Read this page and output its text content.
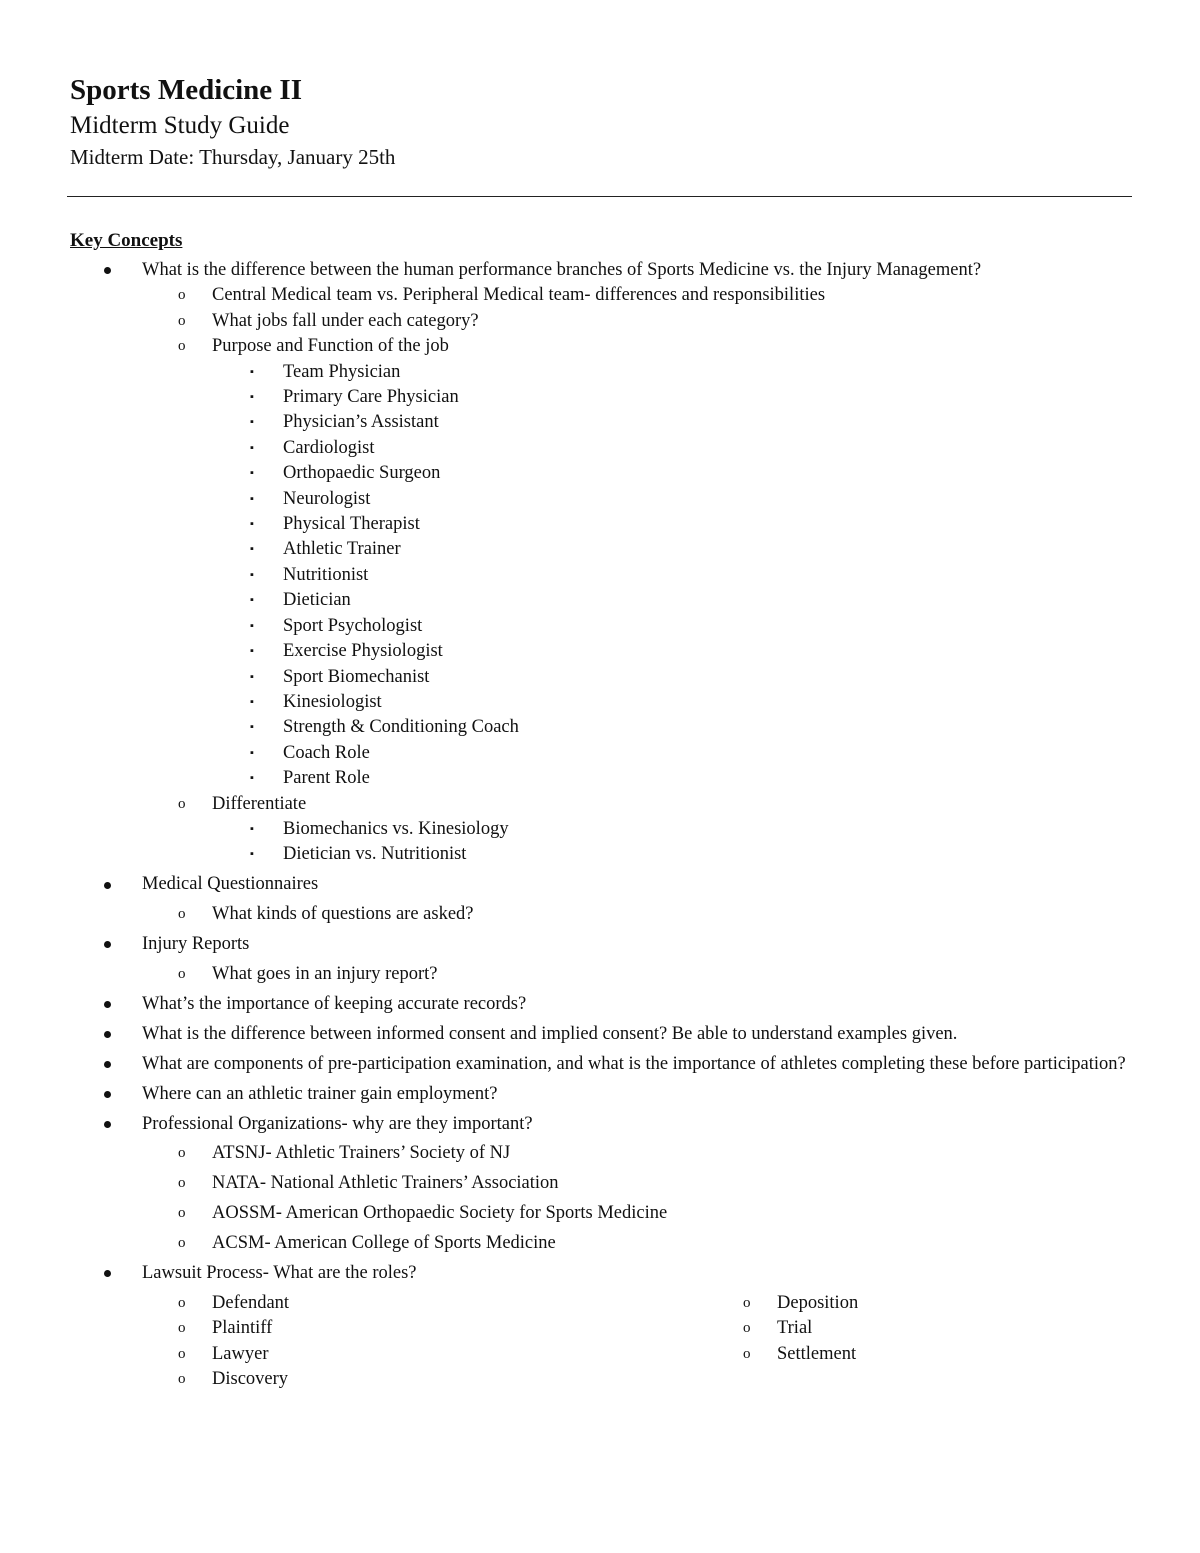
Sports Medicine II

Midterm Study Guide

Midterm Date: Thursday, January 25th

Key Concepts
What is the difference between the human performance branches of Sports Medicine vs. the Injury Management?
o Central Medical team vs. Peripheral Medical team- differences and responsibilities
o What jobs fall under each category?
o Purpose and Function of the job
▪ Team Physician
▪ Primary Care Physician
▪ Physician’s Assistant
▪ Cardiologist
▪ Orthopaedic Surgeon
▪ Neurologist
▪ Physical Therapist
▪ Athletic Trainer
▪ Nutritionist
▪ Dietician
▪ Sport Psychologist
▪ Exercise Physiologist
▪ Sport Biomechanist
▪ Kinesiologist
▪ Strength & Conditioning Coach
▪ Coach Role
▪ Parent Role
o Differentiate
▪ Biomechanics vs. Kinesiology
▪ Dietician vs. Nutritionist
Medical Questionnaires
o What kinds of questions are asked?
Injury Reports
o What goes in an injury report?
What’s the importance of keeping accurate records?
What is the difference between informed consent and implied consent? Be able to understand examples given.
What are components of pre-participation examination, and what is the importance of athletes completing these before participation?
Where can an athletic trainer gain employment?
Professional Organizations- why are they important?
o ATSNJ- Athletic Trainers’ Society of NJ
o NATA- National Athletic Trainers’ Association
o AOSSM- American Orthopaedic Society for Sports Medicine
o ACSM- American College of Sports Medicine
Lawsuit Process- What are the roles?
o Defendant
o Plaintiff
o Lawyer
o Discovery
o Deposition
o Trial
o Settlement
